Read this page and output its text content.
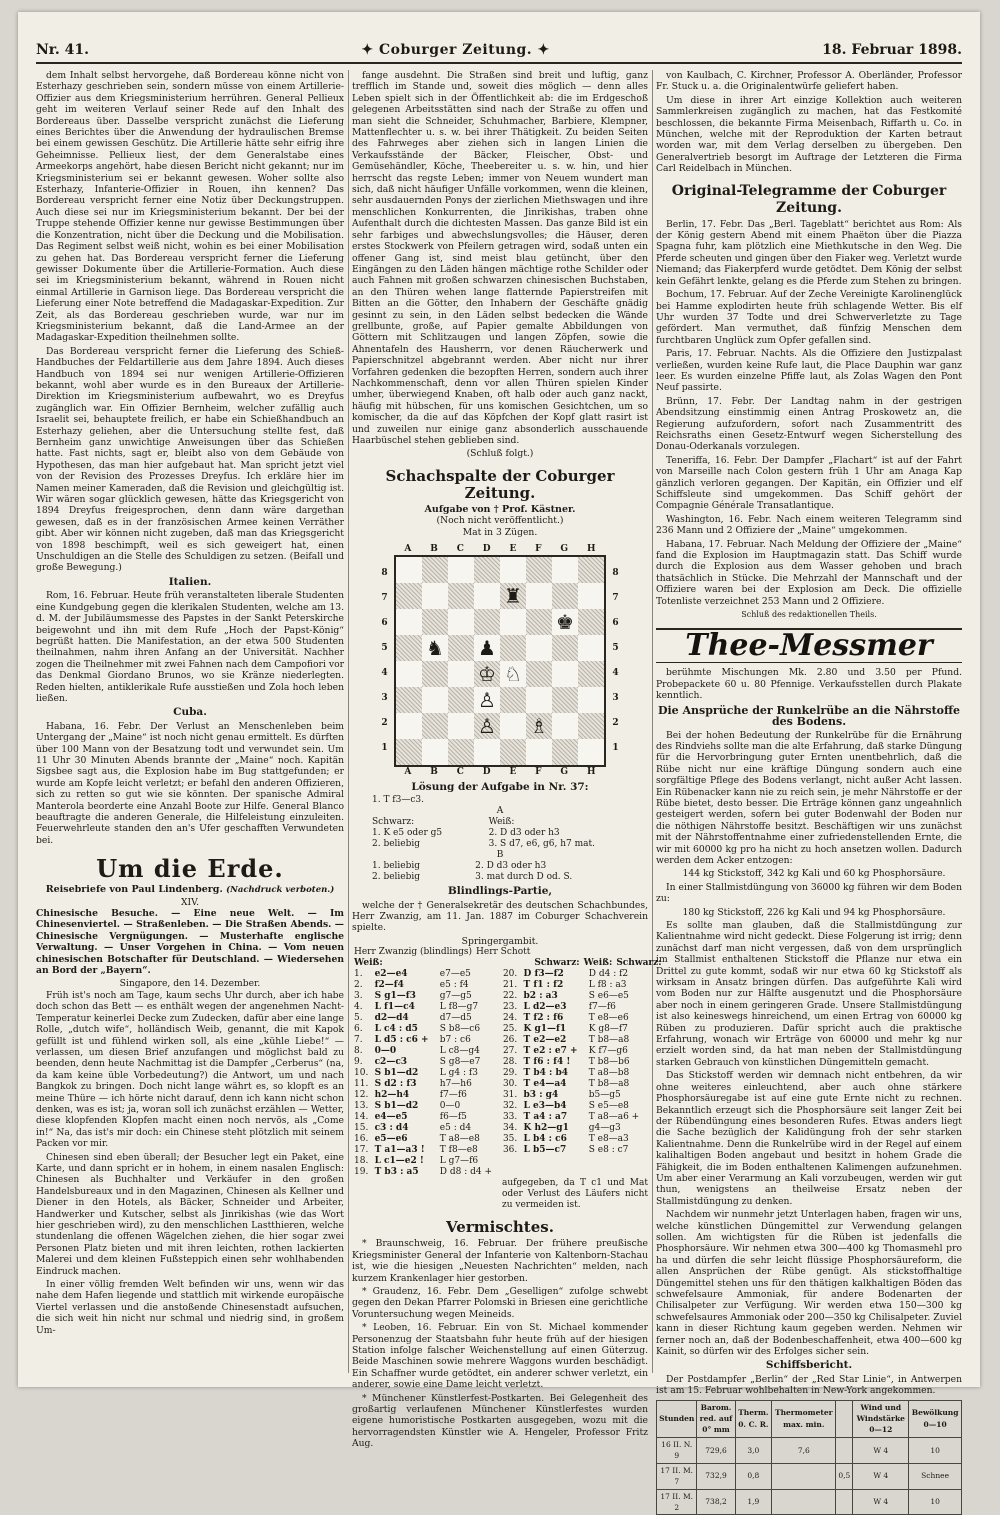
Nr. 41.	✦ Coburger Zeitung. ✦	18. Februar 1898.

dem Inhalt selbst hervorgehe, daß Bordereau könne nicht von Esterhazy geschrieben sein, sondern müsse von einem Artillerie-Offizier aus dem Kriegsministerium herrühren. General Pellieux geht im weiteren Verlauf seiner Rede auf den Inhalt des Bordereaus über. Dasselbe verspricht zunächst die Lieferung eines Berichtes über die Anwendung der hydraulischen Bremse bei einem gewissen Geschütz. Die Artillerie hätte sehr eifrig ihre Geheimnisse. Pellieux liest, der dem Generalstabe eines Armeekorps angehört, habe diesen Bericht nicht gekannt; nur im Kriegsministerium sei er bekannt gewesen. Woher sollte also Esterhazy, Infanterie-Offizier in Rouen, ihn kennen? Das Bordereau verspricht ferner eine Notiz über Deckungstruppen. Auch diese sei nur im Kriegsministerium bekannt. Der bei der Truppe stehende Offizier kenne nur gewisse Bestimmungen über die Konzentration, nicht über die Deckung und die Mobilisation. Das Regiment selbst weiß nicht, wohin es bei einer Mobilisation zu gehen hat. Das Bordereau verspricht ferner die Lieferung gewisser Dokumente über die Artillerie-Formation. Auch diese sei im Kriegsministerium bekannt, während in Rouen nicht einmal Artillerie in Garnison liege. Das Bordereau verspricht die Lieferung einer Note betreffend die Madagaskar-Expedition. Zur Zeit, als das Bordereau geschrieben wurde, war nur im Kriegsministerium bekannt, daß die Land-Armee an der Madagaskar-Expedition theilnehmen sollte.

Das Bordereau verspricht ferner die Lieferung des Schieß-Handbuches der Feldartillerie aus dem Jahre 1894. Auch dieses Handbuch von 1894 sei nur wenigen Artillerie-Offizieren bekannt, wohl aber wurde es in den Bureaux der Artillerie-Direktion im Kriegsministerium aufbewahrt, wo es Dreyfus zugänglich war. Ein Offizier Bernheim, welcher zufällig auch Israelit sei, behauptete freilich, er habe ein Schießhandbuch an Esterhazy geliehen, aber die Untersuchung stellte fest, daß Bernheim ganz unwichtige Anweisungen über das Schießen hatte. Fast nichts, sagt er, bleibt also von dem Gebäude von Hypothesen, das man hier aufgebaut hat. Man spricht jetzt viel von der Revision des Prozesses Dreyfus. Ich erkläre hier im Namen meiner Kameraden, daß die Revision und gleichgültig ist. Wir wären sogar glücklich gewesen, hätte das Kriegsgericht von 1894 Dreyfus freigesprochen, denn dann wäre dargethan gewesen, daß es in der französischen Armee keinen Verräther gibt. Aber wir können nicht zugeben, daß man das Kriegsgericht von 1898 beschimpft, weil es sich geweigert hat, einen Unschuldigen an die Stelle des Schuldigen zu setzen. (Beifall und große Bewegung.)

Italien.

Rom, 16. Februar. Heute früh veranstalteten liberale Studenten eine Kundgebung gegen die klerikalen Studenten, welche am 13. d. M. der Jubiläumsmesse des Papstes in der Sankt Peterskirche beigewohnt und ihn mit dem Rufe „Hoch der Papst-König“ begrüßt hatten. Die Manifestation, an der etwa 500 Studenten theilnahmen, nahm ihren Anfang an der Universität. Nachher zogen die Theilnehmer mit zwei Fahnen nach dem Campofiori vor das Denkmal Giordano Brunos, wo sie Kränze niederlegten. Reden hielten, antiklerikale Rufe ausstießen und Zola hoch leben ließen.

Cuba.

Habana, 16. Febr. Der Verlust an Menschenleben beim Untergang der „Maine“ ist noch nicht genau ermittelt. Es dürften über 100 Mann von der Besatzung todt und verwundet sein. Um 11 Uhr 30 Minuten Abends brannte der „Maine“ noch. Kapitän Sigsbee sagt aus, die Explosion habe im Bug stattgefunden; er wurde am Kopfe leicht verletzt; er befahl den anderen Offizieren, sich zu retten so gut wie sie könnten. Der spanische Admiral Manterola beorderte eine Anzahl Boote zur Hilfe. General Blanco beauftragte die anderen Generale, die Hilfeleistung einzuleiten. Feuerwehrleute standen den an's Ufer geschafften Verwundeten bei.

Um die Erde.
Reisebriefe von Paul Lindenberg. (Nachdruck verboten.)
XIV.

Chinesische Besuche. — Eine neue Welt. — Im Chinesenviertel. — Straßenleben. — Die Straßen Abends. — Chinesische Vergnügungen. — Musterhafte englische Verwaltung. — Unser Vorgehen in China. — Vom neuen chinesischen Botschafter für Deutschland. — Wiedersehen an Bord der „Bayern“.

Singapore, den 14. Dezember.

Früh ist's noch am Tage, kaum sechs Uhr durch, aber ich habe doch schon das Bett — es enthält wegen der angenehmen Nacht-Temperatur keinerlei Decke zum Zudecken, dafür aber eine lange Rolle, „dutch wife“, holländisch Weib, genannt, die mit Kapok gefüllt ist und fühlend wirken soll, als eine „kühle Liebe!“ — verlassen, um diesen Brief anzufangen und möglichst bald zu beenden, denn heute Nachmittag ist die Dampfer „Cerberus“ (na, da kam keine üble Vorbedeutung?) die Antwort, um und nach Bangkok zu bringen. Doch nicht lange währt es, so klopft es an meine Thüre — ich hörte nicht darauf, denn ich kann nicht schon denken, was es ist; ja, woran soll ich zunächst erzählen — Wetter, diese klopfenden Klopfen macht einen noch nervös, als „Come in!“ Na, das ist's mir doch: ein Chinese steht plötzlich mit seinem Packen vor mir.

Chinesen sind eben überall; der Besucher legt ein Paket, eine Karte, und dann spricht er in hohem, in einem nasalen Englisch: Chinesen als Buchhalter und Verkäufer in den großen Handelsbureaux und in den Magazinen, Chinesen als Kellner und Diener in den Hotels, als Bäcker, Schneider und Arbeiter, Handwerker und Kutscher, selbst als Jinrikishas (wie das Wort hier geschrieben wird), zu den menschlichen Lastthieren, welche stundenlang die offenen Wägelchen ziehen, die hier sogar zwei Personen Platz bieten und mit ihren leichten, rothen lackierten Malerei und dem kleinen Fußsteppich einen sehr wohlhabenden Eindruck machen.

In einer völlig fremden Welt befinden wir uns, wenn wir das nahe dem Hafen liegende und stattlich mit wirkende europäische Viertel verlassen und die anstoßende Chinesenstadt aufsuchen, die sich weit hin nicht nur schmal und niedrig sind, in großem Um-

fange ausdehnt. Die Straßen sind breit und luftig, ganz trefflich im Stande und, soweit dies möglich — denn alles Leben spielt sich in der Öffentlichkeit ab: die im Erdgeschoß gelegenen Arbeitsstätten sind nach der Straße zu offen und man sieht die Schneider, Schuhmacher, Barbiere, Klempner, Mattenflechter u. s. w. bei ihrer Thätigkeit. Zu beiden Seiten des Fahrweges aber ziehen sich in langen Linien die Verkaufsstände der Bäcker, Fleischer, Obst- und Gemüsehändler, Köche, Theebereiter u. s. w. hin, und hier herrscht das regste Leben; immer von Neuem wundert man sich, daß nicht häufiger Unfälle vorkommen, wenn die kleinen, sehr ausdauernden Ponys der zierlichen Miethswagen und ihre menschlichen Konkurrenten, die Jinrikishas, traben ohne Aufenthalt durch die dichtesten Massen. Das ganze Bild ist ein sehr farbiges und abwechslungsvolles; die Häuser, deren erstes Stockwerk von Pfeilern getragen wird, sodaß unten ein offener Gang ist, sind meist blau getüncht, über den Eingängen zu den Läden hängen mächtige rothe Schilder oder auch Fahnen mit großen schwarzen chinesischen Buchstaben, an den Thüren wehen lange flatternde Papierstreifen mit Bitten an die Götter, den Inhabern der Geschäfte gnädig gesinnt zu sein, in den Läden selbst bedecken die Wände grellbunte, große, auf Papier gemalte Abbildungen von Göttern mit Schlitzaugen und langen Zöpfen, sowie die Ahnentafeln des Hausherrn, vor denen Räucherwerk und Papierschnitzel abgebrannt werden. Aber nicht nur ihrer Vorfahren gedenken die bezopften Herren, sondern auch ihrer Nachkommenschaft, denn vor allen Thüren spielen Kinder umher, überwiegend Knaben, oft halb oder auch ganz nackt, häufig mit hübschen, für uns komischen Gesichtchen, um so komischer, da die auf das Köpfchen der Kopf glatt rasirt ist und zuweilen nur einige ganz absonderlich ausschauende Haarbüschel stehen geblieben sind.

(Schluß folgt.)
Schachspalte der Coburger Zeitung.
Aufgabe von † Prof. Kästner.
(Noch nicht veröffentlicht.)
Mat in 3 Zügen.
A B C D E F G H
8
7
6
5
4
3
2
1
♜
♚
♞ ♟
♔ ♘
♙
♙ ♗
8
7
6
5
4
3
2
1
A B C D E F G H
Lösung der Aufgabe in Nr. 37:
1. T f3—c3.
A
Schwarz:	Weiß:
1. K e5 oder g5	2. D d3 oder h3
2. beliebig	3. S d7, e6, g6, h7 mat.
B
1. beliebig	2. D d3 oder h3
2. beliebig	3. mat durch D od. S.
Blindlings-Partie,

welche der † Generalsekretär des deutschen Schachbundes, Herr Zwanzig, am 11. Jan. 1887 im Coburger Schachverein spielte.

Springergambit.
Herr Zwanzig (blindlings)	Herr Schott				
Weiß:		Schwarz:	Weiß:		Schwarz:
1.	e2—e4	e7—e5	20.	D f3—f2	D d4 : f2
2.	f2—f4	e5 : f4	21.	T f1 : f2	L f8 : a3
3.	S g1—f3	g7—g5	22.	b2 : a3	S e6—e5
4.	L f1—c4	L f8—g7	23.	L d2—e3	f7—f6
5.	d2—d4	d7—d5	24.	T f2 : f6	T e8—e6
6.	L c4 : d5	S b8—c6	25.	K g1—f1	K g8—f7
7.	L d5 : c6 +	b7 : c6	26.	T e2—e2	T b8—a8
8.	0—0	L c8—g4	27.	T e2 : e7 +	K f7—g6
9.	c2—c3	S g8—e7	28.	T f6 : f4 !	T b8—b6
10.	S b1—d2	L g4 : f3	29.	T b4 : b4	T a8—b8
11.	S d2 : f3	h7—h6	30.	T e4—a4	T b8—a8
12.	h2—h4	f7—f6	31.	b3 : g4	b5—g5
13.	S b1—d2	0—0	32.	L e3—b4	S e5—e8
14.	e4—e5	f6—f5	33.	T a4 : a7	T a8—a6 +
15.	c3 : d4	e5 : d4	34.	K h2—g1	g4—g3
16.	e5—e6	T a8—e8	35.	L b4 : c6	T e8—a3
17.	T a1—a3 !	T f8—e8	36.	L b5—c7	S e8 : c7
18.	L c1—e2 !	L g7—f6			
19.	T b3 : a5	D d8 : d4 +			
aufgegeben, da T c1 und Mat oder Verlust des Läufers nicht zu vermeiden ist.
Vermischtes.

* Braunschweig, 16. Februar. Der frühere preußische Kriegsminister General der Infanterie von Kaltenborn-Stachau ist, wie die hiesigen „Neuesten Nachrichten“ melden, nach kurzem Krankenlager hier gestorben.

* Graudenz, 16. Febr. Dem „Geselligen“ zufolge schwebt gegen den Dekan Pfarrer Polomski in Briesen eine gerichtliche Voruntersuchung wegen Meineids.

* Leoben, 16. Februar. Ein von St. Michael kommender Personenzug der Staatsbahn fuhr heute früh auf der hiesigen Station infolge falscher Weichenstellung auf einen Güterzug. Beide Maschinen sowie mehrere Waggons wurden beschädigt. Ein Schaffner wurde getödtet, ein anderer schwer verletzt, ein anderer, sowie eine Dame leicht verletzt.

* Münchener Künstlerfest-Postkarten. Bei Gelegenheit des großartig verlaufenen Münchener Künstlerfestes wurden eigene humoristische Postkarten ausgegeben, wozu mit die hervorragendsten Künstler wie A. Hengeler, Professor Fritz Aug.

von Kaulbach, C. Kirchner, Professor A. Oberländer, Professor Fr. Stuck u. a. die Originalentwürfe geliefert haben.

Um diese in ihrer Art einzige Kollektion auch weiteren Sammlerkreisen zugänglich zu machen, hat das Festkomité beschlossen, die bekannte Firma Meisenbach, Riffarth u. Co. in München, welche mit der Reproduktion der Karten betraut worden war, mit dem Verlag derselben zu übergeben. Den Generalvertrieb besorgt im Auftrage der Letzteren die Firma Carl Reidelbach in München.

Original-Telegramme der Coburger Zeitung.

Berlin, 17. Febr. Das „Berl. Tageblatt“ berichtet aus Rom: Als der König gestern Abend mit einem Phaëton über die Piazza Spagna fuhr, kam plötzlich eine Miethkutsche in den Weg. Die Pferde scheuten und gingen über den Fiaker weg. Verletzt wurde Niemand; das Fiakerpferd wurde getödtet. Dem König der selbst kein Gefährt lenkte, gelang es die Pferde zum Stehen zu bringen.

Bochum, 17. Februar. Auf der Zeche Vereinigte Karolinenglück bei Hamme explodirten heute früh schlagende Wetter. Bis elf Uhr wurden 37 Todte und drei Schwerverletzte zu Tage gefördert. Man vermuthet, daß fünfzig Menschen dem furchtbaren Unglück zum Opfer gefallen sind.

Paris, 17. Februar. Nachts. Als die Offiziere den Justizpalast verließen, wurden keine Rufe laut, die Place Dauphin war ganz leer. Es wurden einzelne Pfiffe laut, als Zolas Wagen den Pont Neuf passirte.

Brünn, 17. Febr. Der Landtag nahm in der gestrigen Abendsitzung einstimmig einen Antrag Proskowetz an, die Regierung aufzufordern, sofort nach Zusammentritt des Reichsraths einen Gesetz-Entwurf wegen Sicherstellung des Donau-Oderkanals vorzulegen.

Teneriffa, 16. Febr. Der Dampfer „Flachart“ ist auf der Fahrt von Marseille nach Colon gestern früh 1 Uhr am Anaga Kap gänzlich verloren gegangen. Der Kapitän, ein Offizier und elf Schiffsleute sind umgekommen. Das Schiff gehört der Compagnie Générale Transatlantique.

Washington, 16. Febr. Nach einem weiteren Telegramm sind 236 Mann und 2 Offiziere der „Maine“ umgekommen.

Habana, 17. Februar. Nach Meldung der Offiziere der „Maine“ fand die Explosion im Hauptmagazin statt. Das Schiff wurde durch die Explosion aus dem Wasser gehoben und brach thatsächlich in Stücke. Die Mehrzahl der Mannschaft und der Offiziere waren bei der Explosion am Deck. Die offizielle Totenliste verzeichnet 253 Mann und 2 Offiziere.

Schluß des redaktionellen Theils.
Thee-Messmer

berühmte Mischungen Mk. 2.80 und 3.50 per Pfund. Probepackete 60 u. 80 Pfennige. Verkaufsstellen durch Plakate kenntlich.

Die Ansprüche der Runkelrübe an die Nährstoffe des Bodens.

Bei der hohen Bedeutung der Runkelrübe für die Ernährung des Rindviehs sollte man die alte Erfahrung, daß starke Düngung für die Hervorbringung guter Ernten unentbehrlich, daß die Rübe nicht nur eine kräftige Düngung sondern auch eine sorgfältige Pflege des Bodens verlangt, nicht außer Acht lassen. Ein Rübenacker kann nie zu reich sein, je mehr Nährstoffe er der Rübe bietet, desto besser. Die Erträge können ganz ungeahnlich gesteigert werden, sofern bei guter Bodenwahl der Boden nur die nöthigen Nährstoffe besitzt. Beschäftigen wir uns zunächst mit der Nährstoffentnahme einer zufriedenstellenden Ernte, die wir mit 60000 kg pro ha nicht zu hoch ansetzen wollen. Dadurch werden dem Acker entzogen:

144 kg Stickstoff, 342 kg Kali und 60 kg Phosphorsäure.

In einer Stallmistdüngung von 36000 kg führen wir dem Boden zu:

180 kg Stickstoff, 226 kg Kali und 94 kg Phosphorsäure.

Es sollte man glauben, daß die Stallmistdüngung zur Kalientnahme wird nicht gedeckt. Diese Folgerung ist irrig; denn zunächst darf man nicht vergessen, daß von dem ursprünglich im Stallmist enthaltenen Stickstoff die Pflanze nur etwa ein Drittel zu gute kommt, sodaß wir nur etwa 60 kg Stickstoff als wirksam in Ansatz bringen dürfen. Das aufgeführte Kali wird vom Boden nur zur Hälfte ausgenutzt und die Phosphorsäure aber noch in einem geringeren Grade. Unsere Stallmistdüngung ist also keineswegs hinreichend, um einen Ertrag von 60000 kg Rüben zu produzieren. Dafür spricht auch die praktische Erfahrung, wonach wir Erträge von 60000 und mehr kg nur erzielt worden sind, da hat man neben der Stallmistdüngung starken Gebrauch von künstlichen Düngemitteln gemacht.

Das Stickstoff werden wir demnach nicht entbehren, da wir ohne weiteres einleuchtend, aber auch ohne stärkere Phosphorsäuregabe ist auf eine gute Ernte nicht zu rechnen. Bekanntlich erzeugt sich die Phosphorsäure seit langer Zeit bei der Rübendüngung eines besonderen Rufes. Etwas anders liegt die Sache bezüglich der Kalidüngung froh der sehr starken Kalientnahme. Denn die Runkelrübe wird in der Regel auf einem kalihaltigen Boden angebaut und besitzt in hohem Grade die Fähigkeit, die im Boden enthaltenen Kalimengen aufzunehmen. Um aber einer Verarmung an Kali vorzubeugen, werden wir gut thun, wenigstens an theilweise Ersatz neben der Stallmistdüngung zu denken.

Nachdem wir nunmehr jetzt Unterlagen haben, fragen wir uns, welche künstlichen Düngemittel zur Verwendung gelangen sollen. Am wichtigsten für die Rüben ist jedenfalls die Phosphorsäure. Wir nehmen etwa 300—400 kg Thomasmehl pro ha und dürfen die sehr leicht flüssige Phosphorsäureform, die allen Ansprüchen der Rübe genügt. Als stickstoffhaltige Düngemittel stehen uns für den thätigen kalkhaltigen Böden das schwefelsaure Ammoniak, für andere Bodenarten der Chilisalpeter zur Verfügung. Wir werden etwa 150—300 kg schwefelsaures Ammoniak oder 200—350 kg Chilisalpeter. Zuviel kann in dieser Richtung kaum gegeben werden. Nehmen wir ferner noch an, daß der Bodenbeschaffenheit, etwa 400—600 kg Kainit, so dürfen wir des Erfolges sicher sein.

Schiffsbericht.

Der Postdampfer „Berlin“ der „Red Star Linie“, in Antwerpen ist am 15. Februar wohlbehalten in New-York angekommen.

Stunden	Barom. red. auf 0° mm	Therm. 0. C. R.	Thermometer max. min.		Wind und Windstärke 0—12	Bewölkung 0—10
16 II. N. 9	729,6	3,0	7,6		W 4	10
17 II. M. 7	732,9	0,8		0,5	W 4	Schnee
17 II. M. 2	738,2	1,9			W 4	10
